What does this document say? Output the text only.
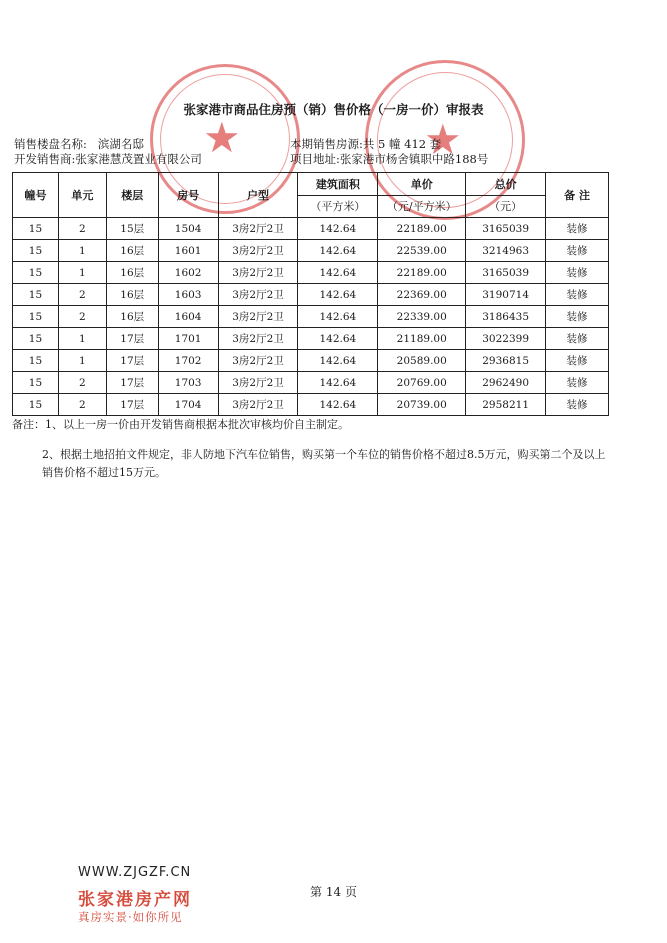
★	★
张家港市商品住房预（销）售价格（一房一价）审报表
销售楼盘名称: 滨湖名邸	本期销售房源:共 5 幢 412 套
开发销售商:张家港慧茂置业有限公司	项目地址:张家港市杨舍镇职中路188号
幢号	单元	楼层	房号	户型	建筑面积	单价	总价	备 注
					（平方米）	（元/平方米）	（元）	
15	2	15层	1504	3房2厅2卫	142.64	22189.00	3165039	装修
15	1	16层	1601	3房2厅2卫	142.64	22539.00	3214963	装修
15	1	16层	1602	3房2厅2卫	142.64	22189.00	3165039	装修
15	2	16层	1603	3房2厅2卫	142.64	22369.00	3190714	装修
15	2	16层	1604	3房2厅2卫	142.64	22339.00	3186435	装修
15	1	17层	1701	3房2厅2卫	142.64	21189.00	3022399	装修
15	1	17层	1702	3房2厅2卫	142.64	20589.00	2936815	装修
15	2	17层	1703	3房2厅2卫	142.64	20769.00	2962490	装修
15	2	17层	1704	3房2厅2卫	142.64	20739.00	2958211	装修
备注：1、以上一房一价由开发销售商根据本批次审核均价自主制定。
2、根据土地招拍文件规定，非人防地下汽车位销售，购买第一个车位的销售价格不超过8.5万元，购买第二个及以上销售价格不超过15万元。
WWW.ZJGZF.CN
张家港房产网
真房实景·如你所见
第 14 页
